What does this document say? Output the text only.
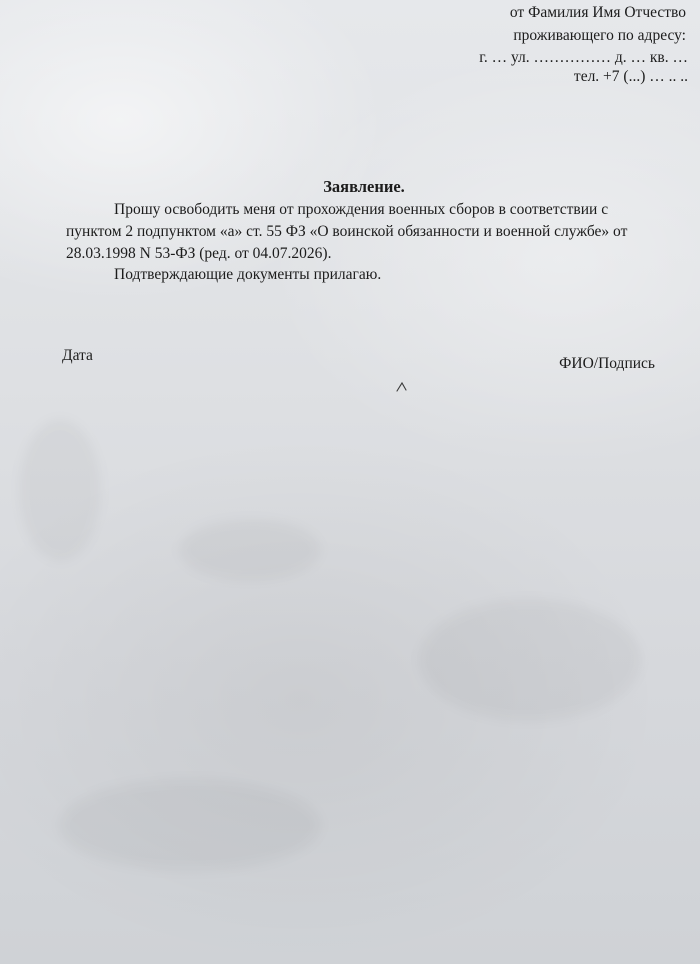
от Фамилия Имя Отчество
проживающего по адресу:
г. … ул. …………… д. … кв. …
тел. +7 (...) … .. ..
Заявление.
Прошу освободить меня от прохождения военных сборов в соответствии с
пунктом 2 подпунктом «а» ст. 55 ФЗ «О воинской обязанности и военной службе» от
28.03.1998 N 53-ФЗ (ред. от 04.07.2026).
Подтверждающие документы прилагаю.
Дата	ФИО/Подпись
